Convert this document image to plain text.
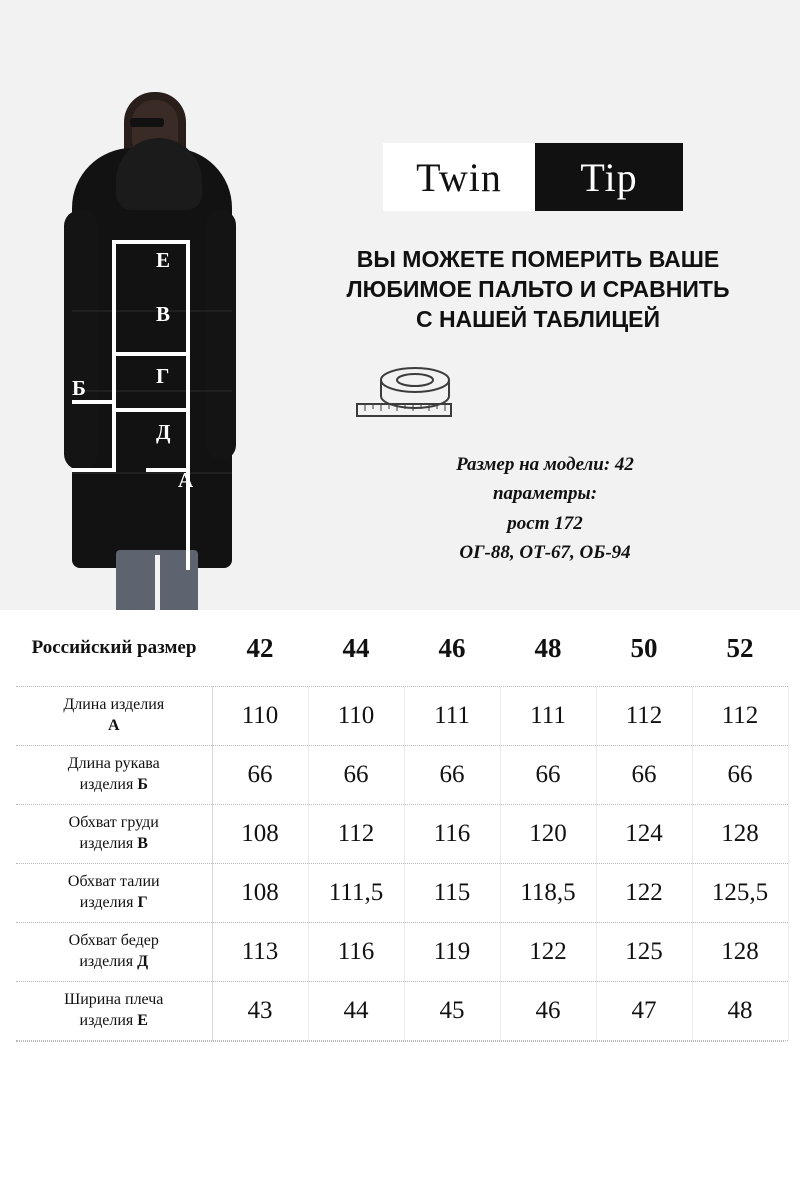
Е
В
Б	Г
Д
А
Twin	Tip
ВЫ МОЖЕТЕ ПОМЕРИТЬ ВАШЕ ЛЮБИМОЕ ПАЛЬТО И СРАВНИТЬ С НАШЕЙ ТАБЛИЦЕЙ
Размер на модели: 42
параметры:
рост 172
ОГ-88, ОТ-67, ОБ-94
Российский размер	42	44	46	48	50	52
Длина изделия
А	110	110	111	111	112	112
Длина рукава
изделия Б	66	66	66	66	66	66
Обхват груди
изделия В	108	112	116	120	124	128
Обхват талии
изделия Г	108	111,5	115	118,5	122	125,5
Обхват бедер
изделия Д	113	116	119	122	125	128
Ширина плеча
изделия Е	43	44	45	46	47	48
